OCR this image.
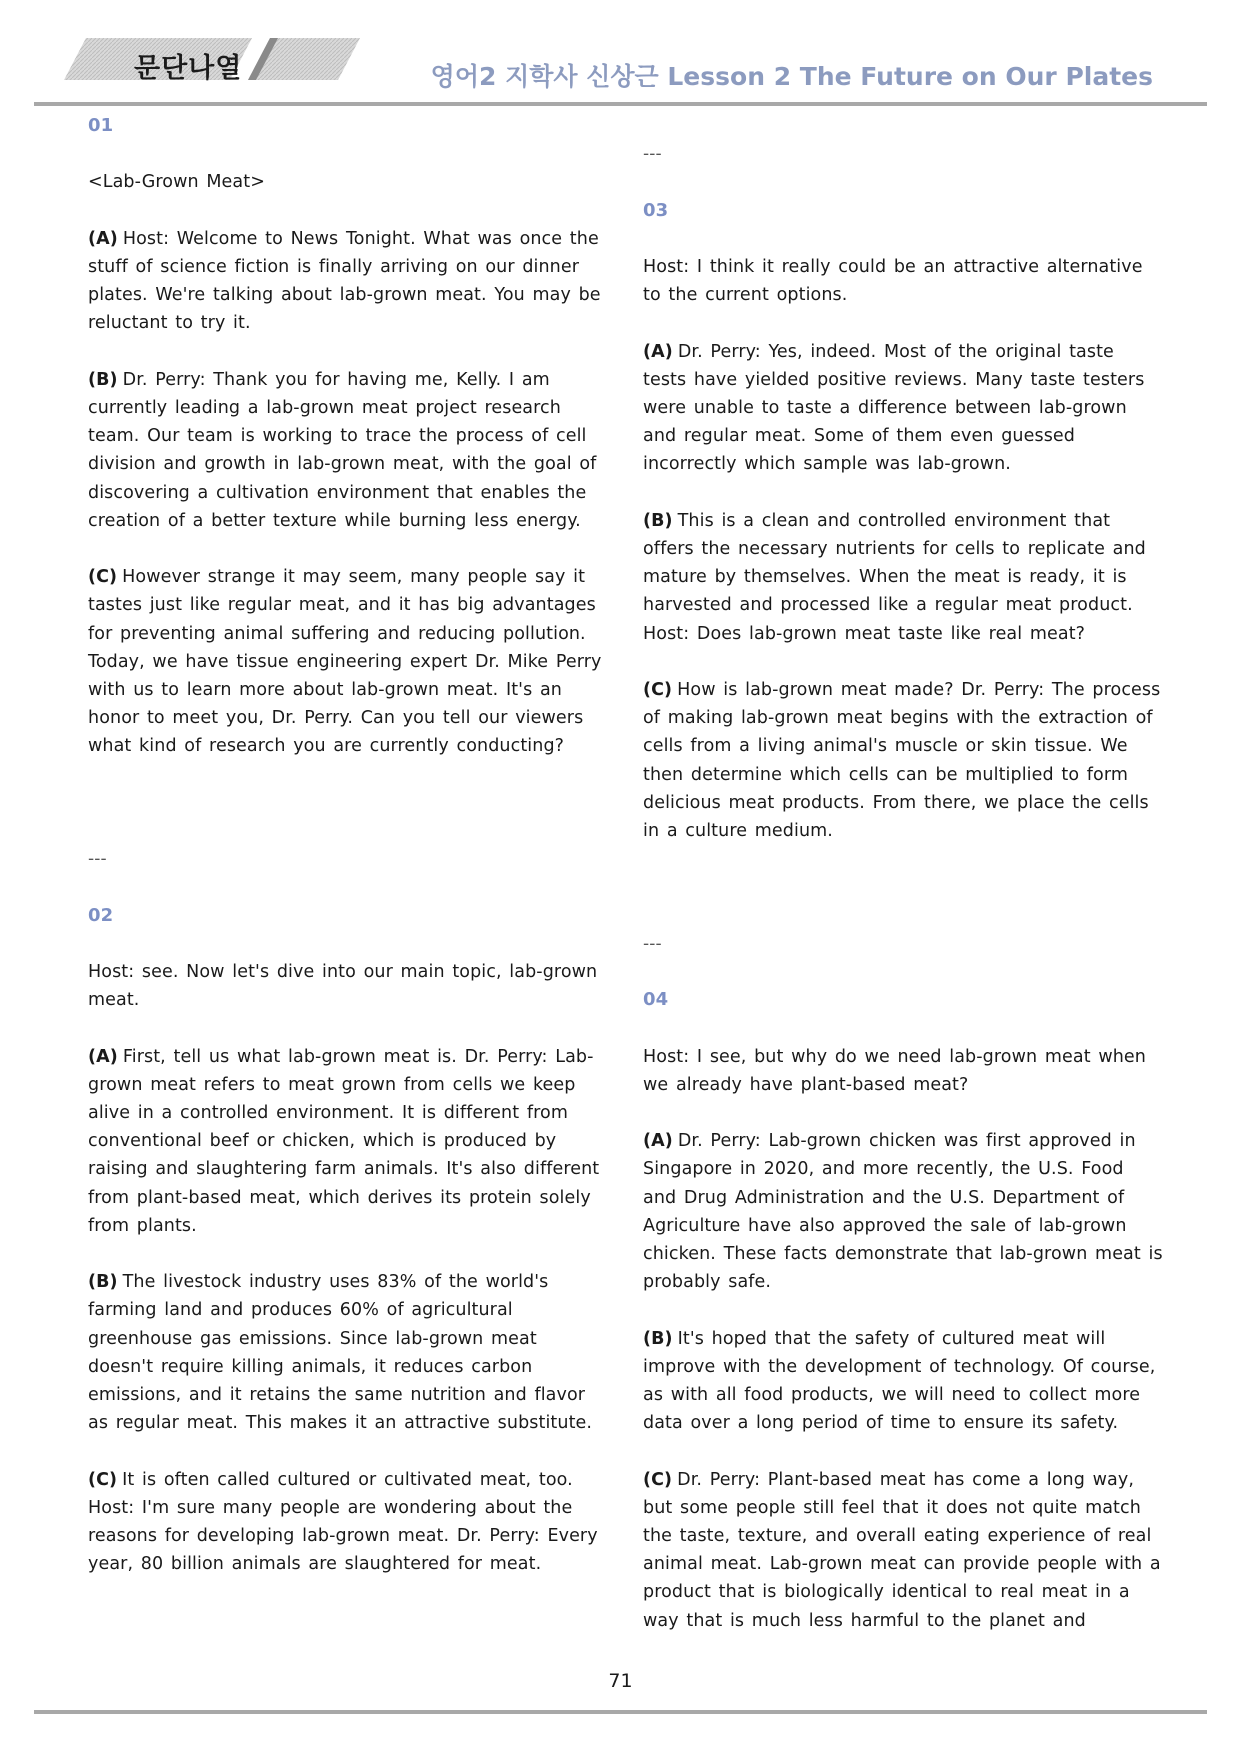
문단나열	영어2 지학사 신상근 Lesson 2 The Future on Our Plates
01

<Lab-Grown Meat>

(A) Host: Welcome to News Tonight. What was once the stuff of science fiction is finally arriving on our dinner plates. We're talking about lab-grown meat. You may be reluctant to try it.

(B) Dr. Perry: Thank you for having me, Kelly. I am currently leading a lab-grown meat project research team. Our team is working to trace the process of cell division and growth in lab-grown meat, with the goal of discovering a cultivation environment that enables the creation of a better texture while burning less energy.

(C) However strange it may seem, many people say it tastes just like regular meat, and it has big advantages for preventing animal suffering and reducing pollution. Today, we have tissue engineering expert Dr. Mike Perry with us to learn more about lab-grown meat. It's an honor to meet you, Dr. Perry. Can you tell our viewers what kind of research you are currently conducting?

---
02

Host: see. Now let's dive into our main topic, lab-grown meat.

(A) First, tell us what lab-grown meat is. Dr. Perry: Lab-grown meat refers to meat grown from cells we keep alive in a controlled environment. It is different from conventional beef or chicken, which is produced by raising and slaughtering farm animals. It's also different from plant-based meat, which derives its protein solely from plants.

(B) The livestock industry uses 83% of the world's farming land and produces 60% of agricultural greenhouse gas emissions. Since lab-grown meat doesn't require killing animals, it reduces carbon emissions, and it retains the same nutrition and flavor as regular meat. This makes it an attractive substitute.

(C) It is often called cultured or cultivated meat, too. Host: I'm sure many people are wondering about the reasons for developing lab-grown meat. Dr. Perry: Every year, 80 billion animals are slaughtered for meat.

---
03

Host: I think it really could be an attractive alternative to the current options.

(A) Dr. Perry: Yes, indeed. Most of the original taste tests have yielded positive reviews. Many taste testers were unable to taste a difference between lab-grown and regular meat. Some of them even guessed incorrectly which sample was lab-grown.

(B) This is a clean and controlled environment that offers the necessary nutrients for cells to replicate and mature by themselves. When the meat is ready, it is harvested and processed like a regular meat product. Host: Does lab-grown meat taste like real meat?

(C) How is lab-grown meat made? Dr. Perry: The process of making lab-grown meat begins with the extraction of cells from a living animal's muscle or skin tissue. We then determine which cells can be multiplied to form delicious meat products. From there, we place the cells in a culture medium.

---
04

Host: I see, but why do we need lab-grown meat when we already have plant-based meat?

(A) Dr. Perry: Lab-grown chicken was first approved in Singapore in 2020, and more recently, the U.S. Food and Drug Administration and the U.S. Department of Agriculture have also approved the sale of lab-grown chicken. These facts demonstrate that lab-grown meat is probably safe.

(B) It's hoped that the safety of cultured meat will improve with the development of technology. Of course, as with all food products, we will need to collect more data over a long period of time to ensure its safety.

(C) Dr. Perry: Plant-based meat has come a long way, but some people still feel that it does not quite match the taste, texture, and overall eating experience of real animal meat. Lab-grown meat can provide people with a product that is biologically identical to real meat in a way that is much less harmful to the planet and

71
